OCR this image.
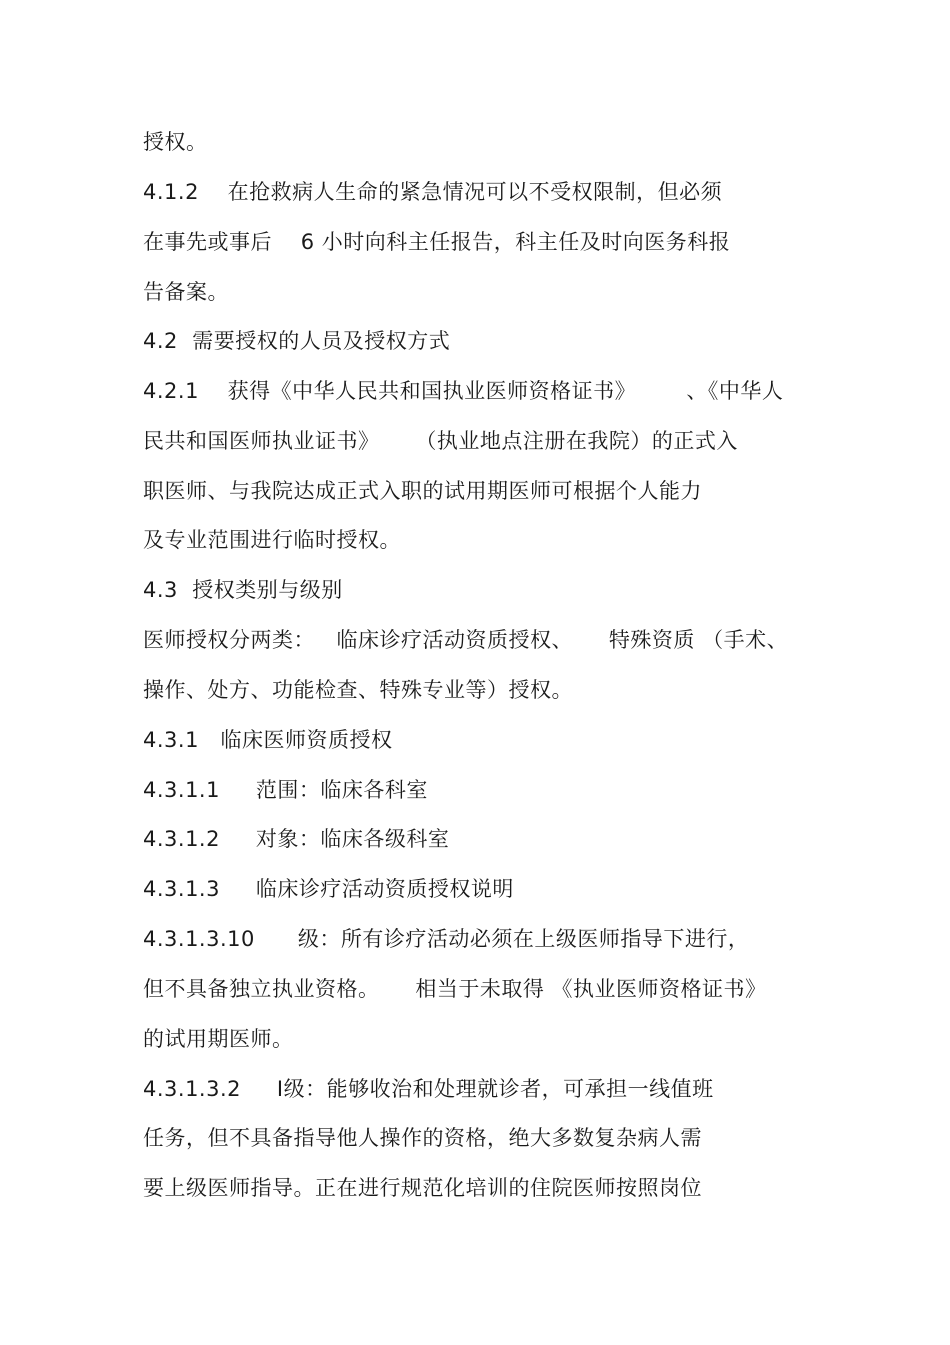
授权。
4.1.2    在抢救病人生命的紧急情况可以不受权限制，但必须
在事先或事后    6 小时向科主任报告，科主任及时向医务科报
告备案。
4.2  需要授权的人员及授权方式
4.2.1    获得《中华人民共和国执业医师资格证书》       、《中华人
民共和国医师执业证书》     （执业地点注册在我院）的正式入
职医师、与我院达成正式入职的试用期医师可根据个人能力
及专业范围进行临时授权。
4.3  授权类别与级别
医师授权分两类：   临床诊疗活动资质授权、     特殊资质 （手术、
操作、处方、功能检查、特殊专业等）授权。
4.3.1   临床医师资质授权
4.3.1.1     范围：临床各科室
4.3.1.2     对象：临床各级科室
4.3.1.3     临床诊疗活动资质授权说明
4.3.1.3.10      级：所有诊疗活动必须在上级医师指导下进行，
但不具备独立执业资格。     相当于未取得 《执业医师资格证书》
的试用期医师。
4.3.1.3.2     Ⅰ级：能够收治和处理就诊者，可承担一线值班
任务，但不具备指导他人操作的资格，绝大多数复杂病人需
要上级医师指导。正在进行规范化培训的住院医师按照岗位
